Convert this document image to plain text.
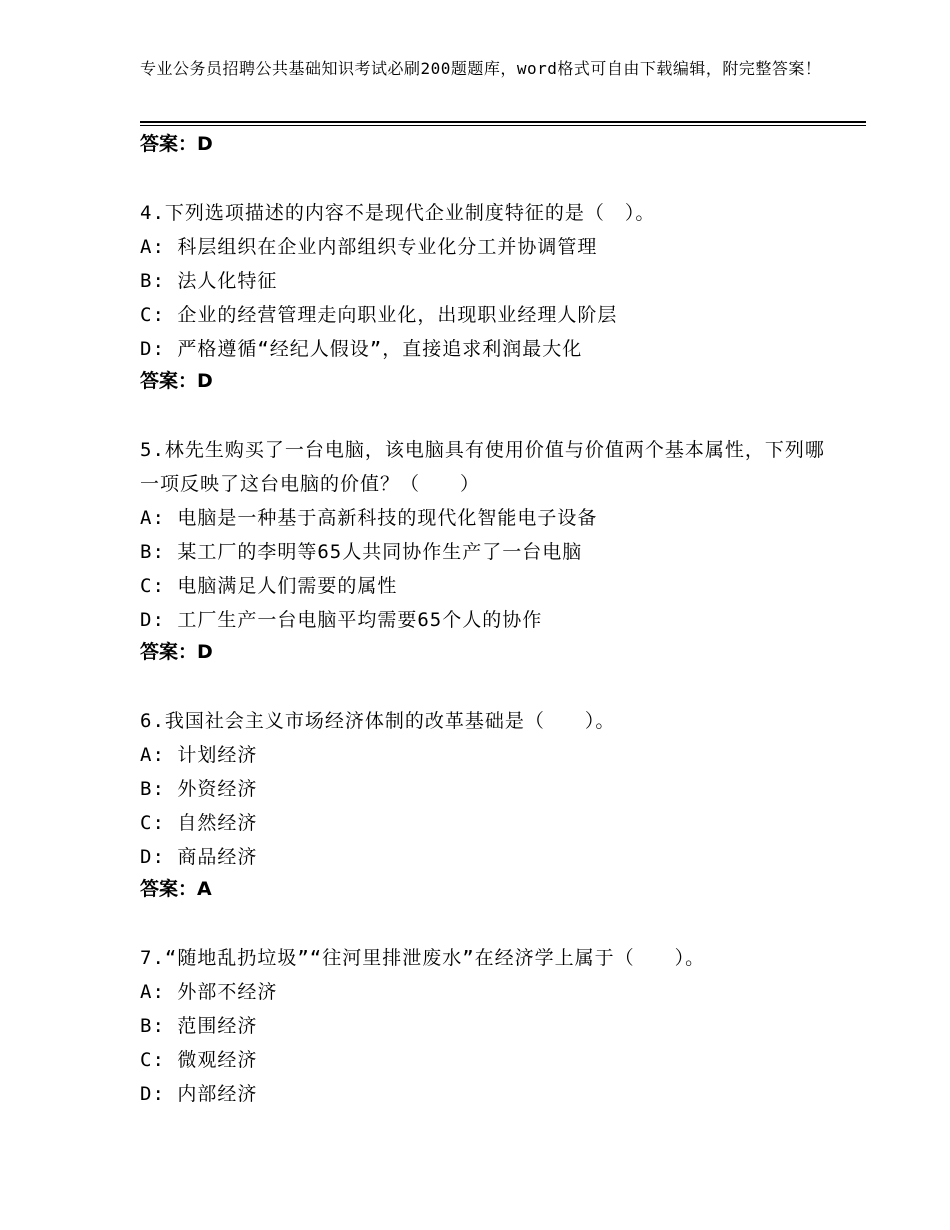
专业公务员招聘公共基础知识考试必刷200题题库，word格式可自由下载编辑，附完整答案！
答案：D
4.下列选项描述的内容不是现代企业制度特征的是（　）。
A: 科层组织在企业内部组织专业化分工并协调管理
B: 法人化特征
C: 企业的经营管理走向职业化，出现职业经理人阶层
D: 严格遵循“经纪人假设”，直接追求利润最大化
答案：D
5.林先生购买了一台电脑，该电脑具有使用价值与价值两个基本属性，下列哪一项反映了这台电脑的价值？（　　）
A: 电脑是一种基于高新科技的现代化智能电子设备
B: 某工厂的李明等65人共同协作生产了一台电脑
C: 电脑满足人们需要的属性
D: 工厂生产一台电脑平均需要65个人的协作
答案：D
6.我国社会主义市场经济体制的改革基础是（　　）。
A: 计划经济
B: 外资经济
C: 自然经济
D: 商品经济
答案：A
7.“随地乱扔垃圾”“往河里排泄废水”在经济学上属于（　　）。
A: 外部不经济
B: 范围经济
C: 微观经济
D: 内部经济
